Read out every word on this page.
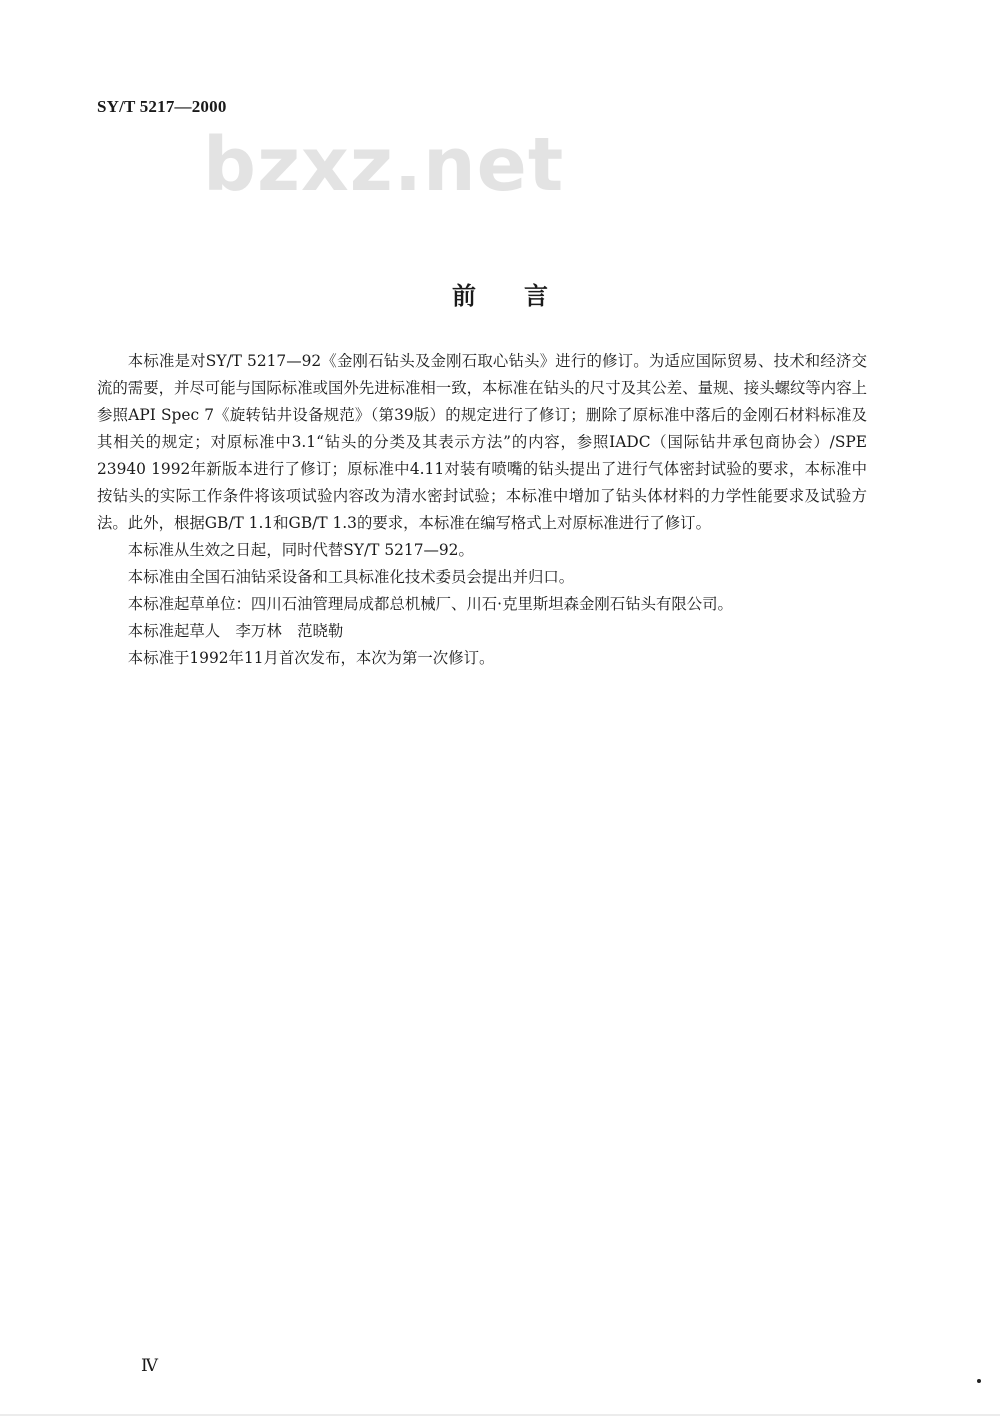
SY/T 5217—2000
bzxz.net
前言

本标准是对SY/T 5217—92《金刚石钻头及金刚石取心钻头》进行的修订。为适应国际贸易、技术和经济交流的需要，并尽可能与国际标准或国外先进标准相一致，本标准在钻头的尺寸及其公差、量规、接头螺纹等内容上参照API Spec 7《旋转钻井设备规范》（第39版）的规定进行了修订；删除了原标准中落后的金刚石材料标准及其相关的规定；对原标准中3.1“钻头的分类及其表示方法”的内容，参照IADC（国际钻井承包商协会）/SPE 23940 1992年新版本进行了修订；原标准中4.11对装有喷嘴的钻头提出了进行气体密封试验的要求，本标准中按钻头的实际工作条件将该项试验内容改为清水密封试验；本标准中增加了钻头体材料的力学性能要求及试验方法。此外，根据GB/T 1.1和GB/T 1.3的要求，本标准在编写格式上对原标准进行了修订。

本标准从生效之日起，同时代替SY/T 5217—92。

本标准由全国石油钻采设备和工具标准化技术委员会提出并归口。

本标准起草单位：四川石油管理局成都总机械厂、川石·克里斯坦森金刚石钻头有限公司。

本标准起草人　李万林　范晓勒

本标准于1992年11月首次发布，本次为第一次修订。

Ⅳ
